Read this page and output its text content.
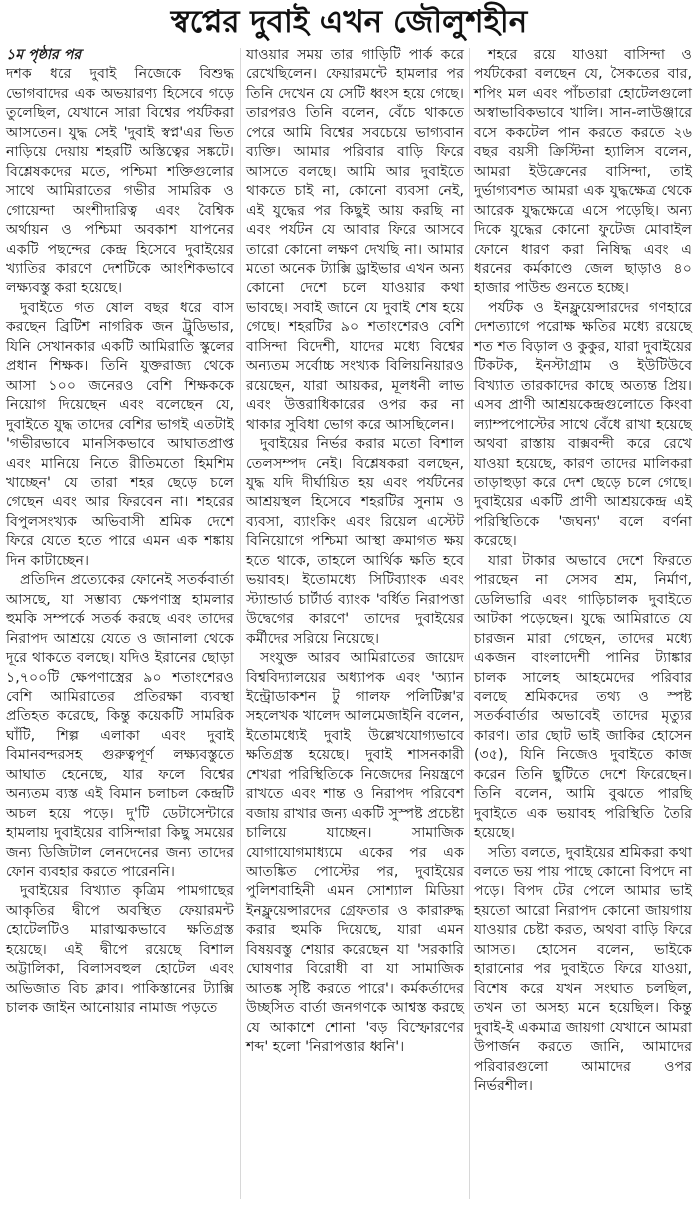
স্বপ্নের দুবাই এখন জৌলুশহীন
১ম পৃষ্ঠার পর

দশক ধরে দুবাই নিজেকে বিশুদ্ধ ভোগবাদের এক অভয়ারণ্য হিসেবে গড়ে তুলেছিল, যেখানে সারা বিশ্বের পর্যটকরা আসতেন। যুদ্ধ সেই 'দুবাই স্বপ্ন'এর ভিত নাড়িয়ে দেয়ায় শহরটি অস্তিত্বের সঙ্কটে। বিশ্লেষকদের মতে, পশ্চিমা শক্তিগুলোর সাথে আমিরাতের গভীর সামরিক ও গোয়েন্দা অংশীদারিত্ব এবং বৈশ্বিক অর্থায়ন ও পশ্চিমা অবকাশ যাপনের একটি পছন্দের কেন্দ্র হিসেবে দুবাইয়ের খ্যাতির কারণে দেশটিকে আংশিকভাবে লক্ষ্যবস্তু করা হয়েছে।

দুবাইতে গত ষোল বছর ধরে বাস করছেন ব্রিটিশ নাগরিক জন ট্রুডিভার, যিনি সেখানকার একটি আমিরাতি স্কুলের প্রধান শিক্ষক। তিনি যুক্তরাজ্য থেকে আসা ১০০ জনেরও বেশি শিক্ষককে নিয়োগ দিয়েছেন এবং বলেছেন যে, দুবাইতে যুদ্ধ তাদের বেশির ভাগই এতটাই 'গভীরভাবে মানসিকভাবে আঘাতপ্রাপ্ত এবং মানিয়ে নিতে রীতিমতো হিমশিম খাচ্ছেন' যে তারা শহর ছেড়ে চলে গেছেন এবং আর ফিরবেন না। শহরের বিপুলসংখ্যক অভিবাসী শ্রমিক দেশে ফিরে যেতে হতে পারে এমন এক শঙ্কায় দিন কাটাচ্ছেন।

প্রতিদিন প্রত্যেকের ফোনেই সতর্কবার্তা আসছে, যা সম্ভাব্য ক্ষেপণাস্ত্র হামলার হুমকি সম্পর্কে সতর্ক করছে এবং তাদের নিরাপদ আশ্রয়ে যেতে ও জানালা থেকে দূরে থাকতে বলছে। যদিও ইরানের ছোড়া ১,৭০০টি ক্ষেপণাস্ত্রের ৯০ শতাংশেরও বেশি আমিরাতের প্রতিরক্ষা ব্যবস্থা প্রতিহত করেছে, কিন্তু কয়েকটি সামরিক ঘাঁটি, শিল্প এলাকা এবং দুবাই বিমানবন্দরসহ গুরুত্বপূর্ণ লক্ষ্যবস্তুতে আঘাত হেনেছে, যার ফলে বিশ্বের অন্যতম ব্যস্ত এই বিমান চলাচল কেন্দ্রটি অচল হয়ে পড়ে। দু'টি ডেটাসেন্টারে হামলায় দুবাইয়ের বাসিন্দারা কিছু সময়ের জন্য ডিজিটাল লেনদেনের জন্য তাদের ফোন ব্যবহার করতে পারেননি।

দুবাইয়ের বিখ্যাত কৃত্রিম পামগাছের আকৃতির দ্বীপে অবস্থিত ফেয়ারমন্ট হোটেলটিও মারাত্মকভাবে ক্ষতিগ্রস্ত হয়েছে। এই দ্বীপে রয়েছে বিশাল অট্টালিকা, বিলাসবহুল হোটেল এবং অভিজাত বিচ ক্লাব। পাকিস্তানের ট্যাক্সি চালক জাইন আনোয়ার নামাজ পড়তে

যাওয়ার সময় তার গাড়িটি পার্ক করে রেখেছিলেন। ফেয়ারমন্টে হামলার পর তিনি দেখেন যে সেটি ধ্বংস হয়ে গেছে। তারপরও তিনি বলেন, বেঁচে থাকতে পেরে আমি বিশ্বের সবচেয়ে ভাগ্যবান ব্যক্তি। আমার পরিবার বাড়ি ফিরে আসতে বলছে। আমি আর দুবাইতে থাকতে চাই না, কোনো ব্যবসা নেই, এই যুদ্ধের পর কিছুই আয় করছি না এবং পর্যটন যে আবার ফিরে আসবে তারো কোনো লক্ষণ দেখছি না। আমার মতো অনেক ট্যাক্সি ড্রাইভার এখন অন্য কোনো দেশে চলে যাওয়ার কথা ভাবছে। সবাই জানে যে দুবাই শেষ হয়ে গেছে। শহরটির ৯০ শতাংশেরও বেশি বাসিন্দা বিদেশী, যাদের মধ্যে বিশ্বের অন্যতম সর্বোচ্চ সংখ্যক বিলিয়নিয়ারও রয়েছেন, যারা আয়কর, মূলধনী লাভ এবং উত্তরাধিকারের ওপর কর না থাকার সুবিধা ভোগ করে আসছিলেন।

দুবাইয়ের নির্ভর করার মতো বিশাল তেলসম্পদ নেই। বিশ্লেষকরা বলছেন, যুদ্ধ যদি দীর্ঘায়িত হয় এবং পর্যটনের আশ্রয়স্থল হিসেবে শহরটির সুনাম ও ব্যবসা, ব্যাংকিং এবং রিয়েল এস্টেট বিনিয়োগে পশ্চিমা আস্থা ক্রমাগত ক্ষয় হতে থাকে, তাহলে আর্থিক ক্ষতি হবে ভয়াবহ। ইতোমধ্যে সিটিব্যাংক এবং স্ট্যান্ডার্ড চার্টার্ড ব্যাংক 'বর্ধিত নিরাপত্তা উদ্বেগের কারণে' তাদের দুবাইয়ের কর্মীদের সরিয়ে নিয়েছে।

সংযুক্ত আরব আমিরাতের জায়েদ বিশ্ববিদ্যালয়ের অধ্যাপক এবং 'অ্যান ইন্ট্রোডাকশন টু গালফ পলিটিক্স'র সহলেখক খালেদ আলমেজাইনি বলেন, ইতোমধ্যেই দুবাই উল্লেখযোগ্যভাবে ক্ষতিগ্রস্ত হয়েছে। দুবাই শাসনকারী শেখরা পরিস্থিতিকে নিজেদের নিয়ন্ত্রণে রাখতে এবং শান্ত ও নিরাপদ পরিবেশ বজায় রাখার জন্য একটি সুস্পষ্ট প্রচেষ্টা চালিয়ে যাচ্ছেন। সামাজিক যোগাযোগমাধ্যমে একের পর এক আতঙ্কিত পোস্টের পর, দুবাইয়ের পুলিশবাহিনী এমন সোশ্যাল মিডিয়া ইনফ্লুয়েন্সারদের গ্রেফতার ও কারারুদ্ধ করার হুমকি দিয়েছে, যারা এমন বিষয়বস্তু শেয়ার করেছেন যা 'সরকারি ঘোষণার বিরোধী বা যা সামাজিক আতঙ্ক সৃষ্টি করতে পারে'। কর্মকর্তাদের উচ্ছসিত বার্তা জনগণকে আশ্বস্ত করছে যে আকাশে শোনা 'বড় বিস্ফোরণের শব্দ' হলো 'নিরাপত্তার ধ্বনি'।

শহরে রয়ে যাওয়া বাসিন্দা ও পর্যটকেরা বলছেন যে, সৈকতের বার, শপিং মল এবং পাঁচতারা হোটেলগুলো অস্বাভাবিকভাবে খালি। সান-লাউঞ্জারে বসে ককটেল পান করতে করতে ২৬ বছর বয়সী ক্রিস্টিনা হ্যালিস বলেন, আমরা ইউক্রেনের বাসিন্দা, তাই দুর্ভাগ্যবশত আমরা এক যুদ্ধক্ষেত্র থেকে আরেক যুদ্ধক্ষেত্রে এসে পড়েছি। অন্য দিকে যুদ্ধের কোনো ফুটেজ মোবাইল ফোনে ধারণ করা নিষিদ্ধ এবং এ ধরনের কর্মকাণ্ডে জেল ছাড়াও ৪০ হাজার পাউন্ড গুনতে হচ্ছে।

পর্যটক ও ইনফ্লুয়েন্সারদের গণহারে দেশত্যাগে পরোক্ষ ক্ষতির মধ্যে রয়েছে শত শত বিড়াল ও কুকুর, যারা দুবাইয়ের টিকটক, ইনস্টাগ্রাম ও ইউটিউবে বিখ্যাত তারকাদের কাছে অত্যন্ত প্রিয়। এসব প্রাণী আশ্রয়কেন্দ্রগুলোতে কিংবা ল্যাম্পপোস্টের সাথে বেঁধে রাখা হয়েছে অথবা রাস্তায় বাক্সবন্দী করে রেখে যাওয়া হয়েছে, কারণ তাদের মালিকরা তাড়াহুড়া করে দেশ ছেড়ে চলে গেছে। দুবাইয়ের একটি প্রাণী আশ্রয়কেন্দ্র এই পরিস্থিতিকে 'জঘন্য' বলে বর্ণনা করেছে।

যারা টাকার অভাবে দেশে ফিরতে পারছেন না সেসব শ্রম, নির্মাণ, ডেলিভারি এবং গাড়িচালক দুবাইতে আটকা পড়েছেন। যুদ্ধে আমিরাতে যে চারজন মারা গেছেন, তাদের মধ্যে একজন বাংলাদেশী পানির ট্যাঙ্কার চালক সালেহ আহমেদের পরিবার বলছে শ্রমিকদের তথ্য ও স্পষ্ট সতর্কবার্তার অভাবেই তাদের মৃত্যুর কারণ। তার ছোট ভাই জাকির হোসেন (৩৫), যিনি নিজেও দুবাইতে কাজ করেন তিনি ছুটিতে দেশে ফিরেছেন। তিনি বলেন, আমি বুঝতে পারছি দুবাইতে এক ভয়াবহ পরিস্থিতি তৈরি হয়েছে।

সত্যি বলতে, দুবাইয়ের শ্রমিকরা কথা বলতে ভয় পায় পাছে কোনো বিপদে না পড়ে। বিপদ টের পেলে আমার ভাই হয়তো আরো নিরাপদ কোনো জায়গায় যাওয়ার চেষ্টা করত, অথবা বাড়ি ফিরে আসত। হোসেন বলেন, ভাইকে হারানোর পর দুবাইতে ফিরে যাওয়া, বিশেষ করে যখন সংঘাত চলছিল, তখন তা অসহ্য মনে হয়েছিল। কিন্তু দুবাই-ই একমাত্র জায়গা যেখানে আমরা উপার্জন করতে জানি, আমাদের পরিবারগুলো আমাদের ওপর নির্ভরশীল।
